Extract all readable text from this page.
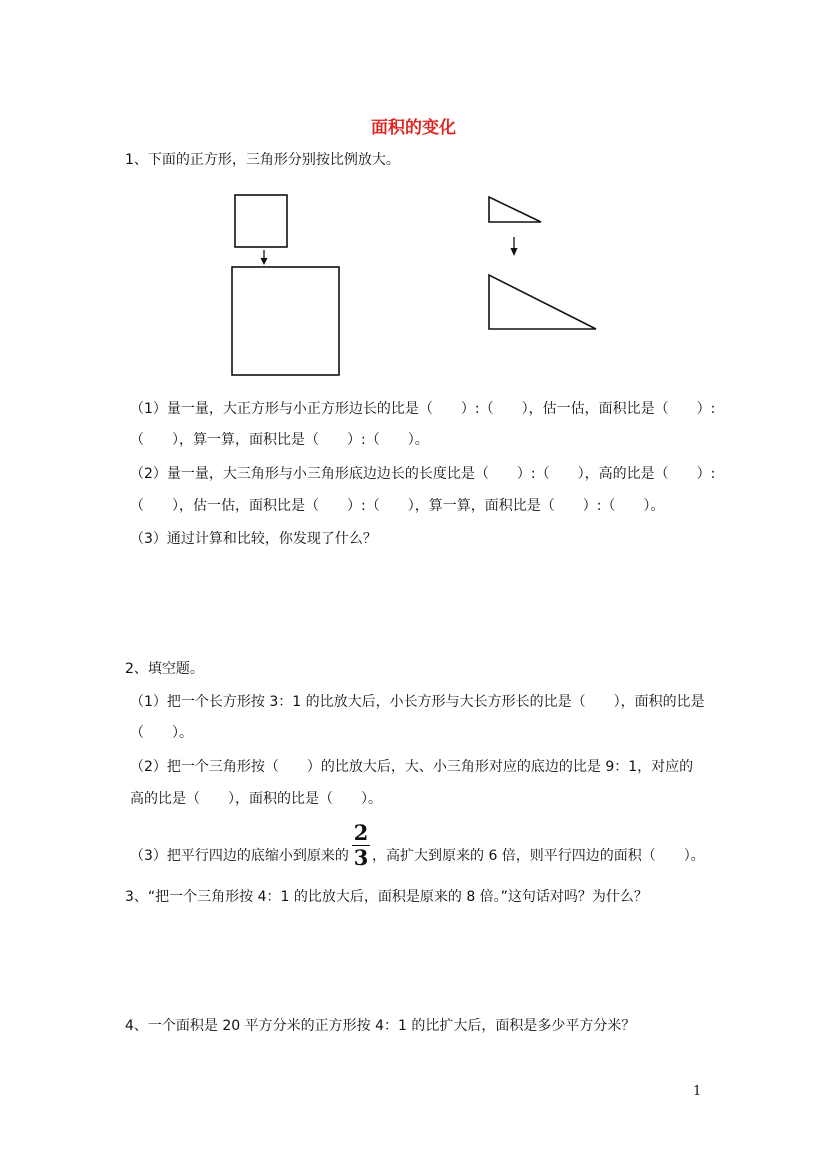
面积的变化
1、下面的正方形，三角形分别按比例放大。
（1）量一量，大正方形与小正方形边长的比是（　　）:（　　），估一估，面积比是（　　）:
（　　），算一算，面积比是（　　）:（　　）。
（2）量一量，大三角形与小三角形底边边长的长度比是（　　）:（　　），高的比是（　　）:
（　　），估一估，面积比是（　　）:（　　），算一算，面积比是（　　）:（　　）。
（3）通过计算和比较，你发现了什么？
2、填空题。
（1）把一个长方形按 3：1 的比放大后，小长方形与大长方形长的比是（　　），面积的比是
（　　）。
（2）把一个三角形按（　　）的比放大后，大、小三角形对应的底边的比是 9：1，对应的
高的比是（　　），面积的比是（　　）。
（3）把平行四边的底缩小到原来的
2
3 ，高扩大到原来的 6 倍，则平行四边的面积（　　）。
3、“把一个三角形按 4：1 的比放大后，面积是原来的 8 倍。”这句话对吗？为什么？
4、一个面积是 20 平方分米的正方形按 4：1 的比扩大后，面积是多少平方分米？
1
